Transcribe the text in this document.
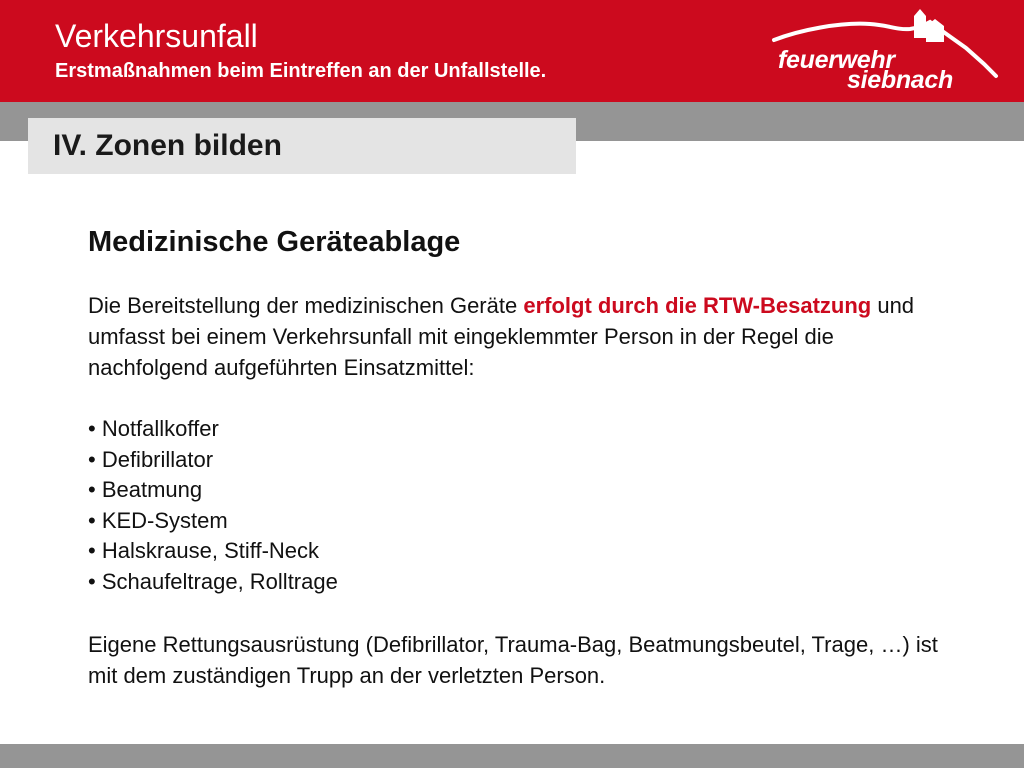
Verkehrsunfall
Erstmaßnahmen beim Eintreffen an der Unfallstelle.	feuerwehr
siebnach
IV. Zonen bilden
Medizinische Geräteablage

Die Bereitstellung der medizinischen Geräte erfolgt durch die RTW-Besatzung und umfasst bei einem Verkehrsunfall mit eingeklemmter Person in der Regel die nachfolgend aufgeführten Einsatzmittel:

• Notfallkoffer
• Defibrillator
• Beatmung
• KED-System
• Halskrause, Stiff-Neck
• Schaufeltrage, Rolltrage

Eigene Rettungsausrüstung (Defibrillator, Trauma-Bag, Beatmungsbeutel, Trage, …) ist mit dem zuständigen Trupp an der verletzten Person.
